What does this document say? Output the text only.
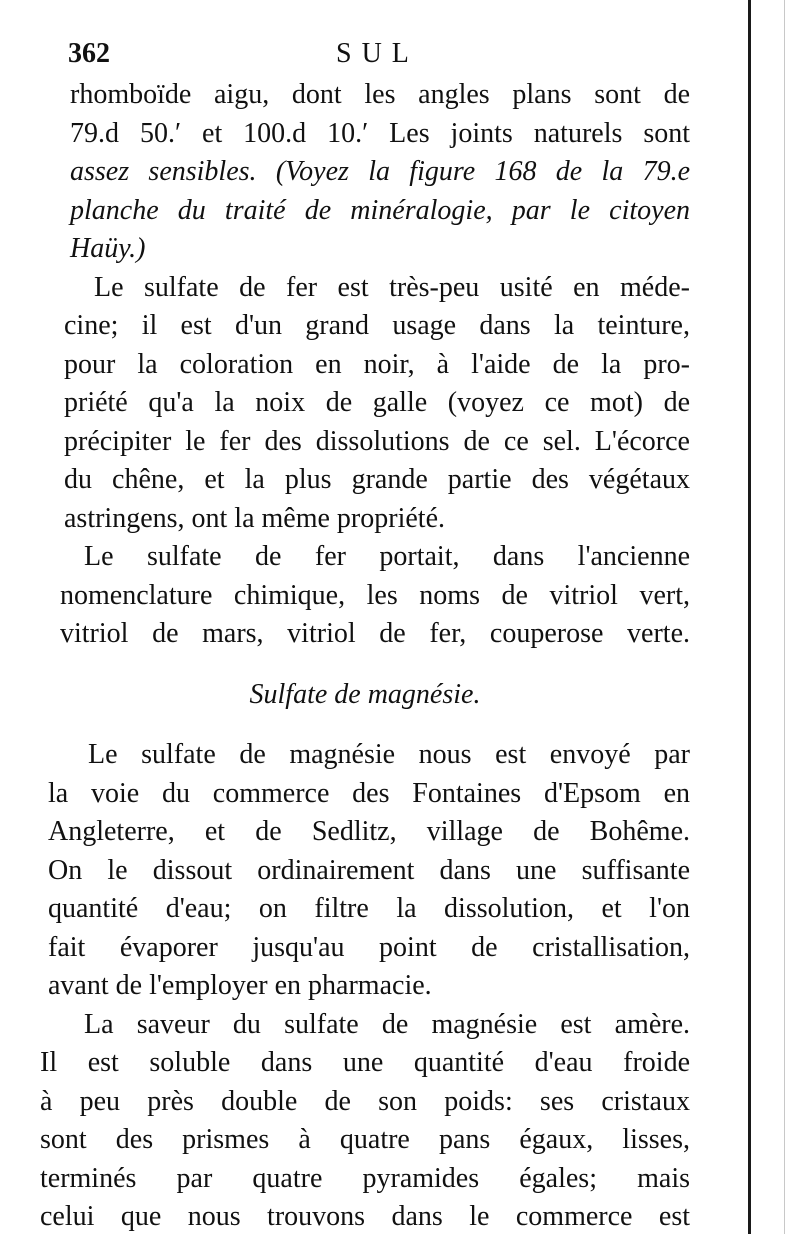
362	SUL
rhomboïde aigu, dont les angles plans sont de
79.d 50.′ et 100.d 10.′ Les joints naturels sont
assez sensibles. (Voyez la figure 168 de la 79.e
planche du traité de minéralogie, par le citoyen
Haüy.)
Le sulfate de fer est très-peu usité en méde-
cine; il est d'un grand usage dans la teinture,
pour la coloration en noir, à l'aide de la pro-
priété qu'a la noix de galle (voyez ce mot) de
précipiter le fer des dissolutions de ce sel. L'écorce
du chêne, et la plus grande partie des végétaux
astringens, ont la même propriété.
Le sulfate de fer portait, dans l'ancienne
nomenclature chimique, les noms de vitriol vert,
vitriol de mars, vitriol de fer, couperose verte.
Sulfate de magnésie.
Le sulfate de magnésie nous est envoyé par
la voie du commerce des Fontaines d'Epsom en
Angleterre, et de Sedlitz, village de Bohême.
On le dissout ordinairement dans une suffisante
quantité d'eau; on filtre la dissolution, et l'on
fait évaporer jusqu'au point de cristallisation,
avant de l'employer en pharmacie.
La saveur du sulfate de magnésie est amère.
Il est soluble dans une quantité d'eau froide
à peu près double de son poids: ses cristaux
sont des prismes à quatre pans égaux, lisses,
terminés par quatre pyramides égales; mais
celui que nous trouvons dans le commerce est
